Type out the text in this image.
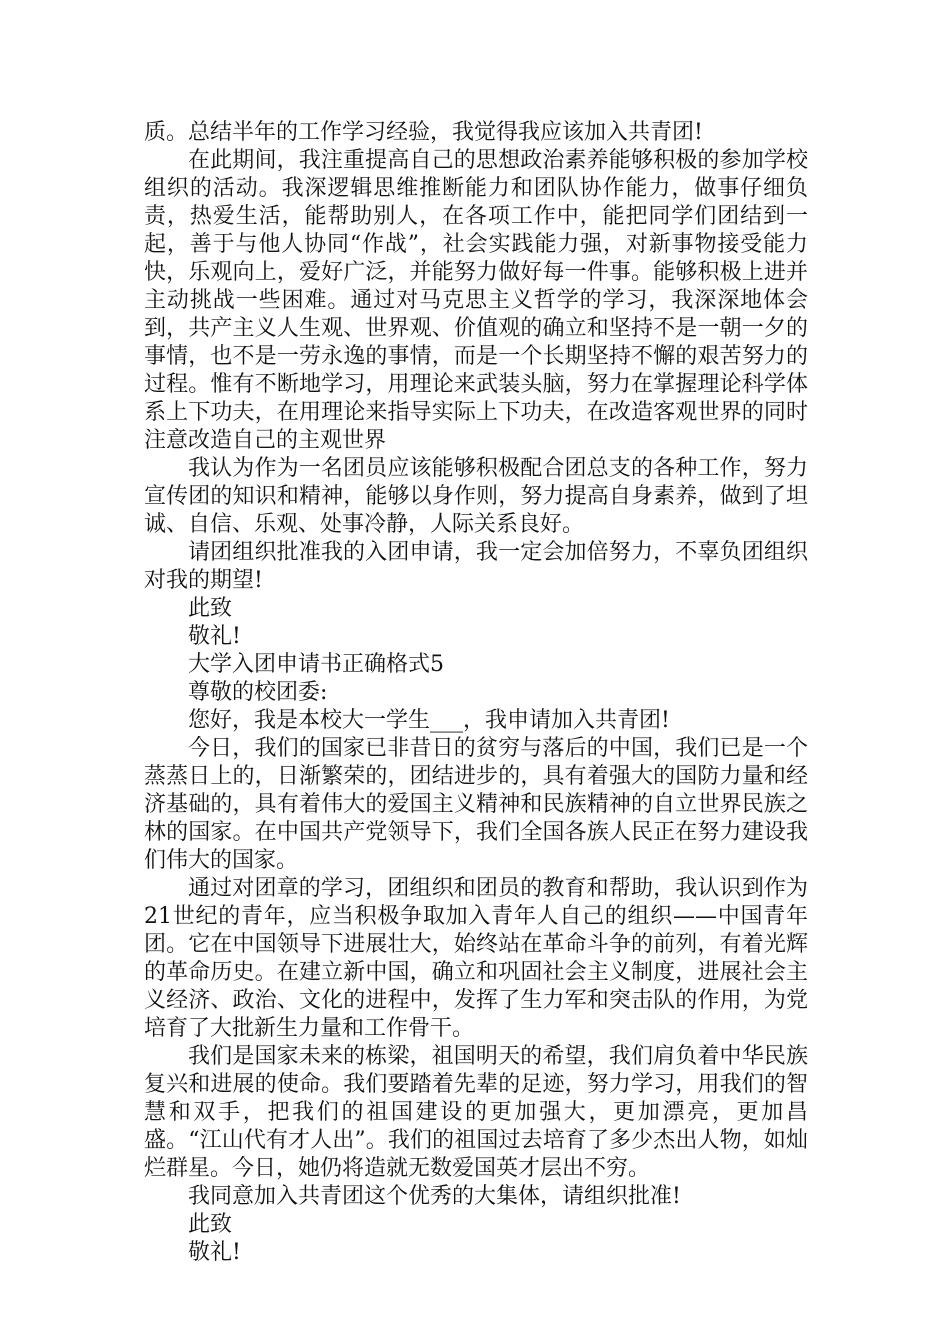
质。总结半年的工作学习经验，我觉得我应该加入共青团!

在此期间，我注重提高自己的思想政治素养能够积极的参加学校组织的活动。我深逻辑思维推断能力和团队协作能力，做事仔细负责，热爱生活，能帮助别人，在各项工作中，能把同学们团结到一起，善于与他人协同“作战”，社会实践能力强，对新事物接受能力快，乐观向上，爱好广泛，并能努力做好每一件事。能够积极上进并主动挑战一些困难。通过对马克思主义哲学的学习，我深深地体会到，共产主义人生观、世界观、价值观的确立和坚持不是一朝一夕的事情，也不是一劳永逸的事情，而是一个长期坚持不懈的艰苦努力的过程。惟有不断地学习，用理论来武装头脑，努力在掌握理论科学体系上下功夫，在用理论来指导实际上下功夫，在改造客观世界的同时注意改造自己的主观世界

我认为作为一名团员应该能够积极配合团总支的各种工作，努力宣传团的知识和精神，能够以身作则，努力提高自身素养，做到了坦诚、自信、乐观、处事冷静，人际关系良好。

请团组织批准我的入团申请，我一定会加倍努力，不辜负团组织对我的期望!

此致

敬礼!

大学入团申请书正确格式5

尊敬的校团委:

您好，我是本校大一学生___，我申请加入共青团!

今日，我们的国家已非昔日的贫穷与落后的中国，我们已是一个蒸蒸日上的，日渐繁荣的，团结进步的，具有着强大的国防力量和经济基础的，具有着伟大的爱国主义精神和民族精神的自立世界民族之林的国家。在中国共产党领导下，我们全国各族人民正在努力建设我们伟大的国家。

通过对团章的学习，团组织和团员的教育和帮助，我认识到作为21世纪的青年，应当积极争取加入青年人自己的组织——中国青年团。它在中国领导下进展壮大，始终站在革命斗争的前列，有着光辉的革命历史。在建立新中国，确立和巩固社会主义制度，进展社会主义经济、政治、文化的进程中，发挥了生力军和突击队的作用，为党培育了大批新生力量和工作骨干。

我们是国家未来的栋梁，祖国明天的希望，我们肩负着中华民族复兴和进展的使命。我们要踏着先辈的足迹，努力学习，用我们的智慧和双手，把我们的祖国建设的更加强大，更加漂亮，更加昌盛。“江山代有才人出”。我们的祖国过去培育了多少杰出人物，如灿烂群星。今日，她仍将造就无数爱国英才层出不穷。

我同意加入共青团这个优秀的大集体，请组织批准!

此致

敬礼!
